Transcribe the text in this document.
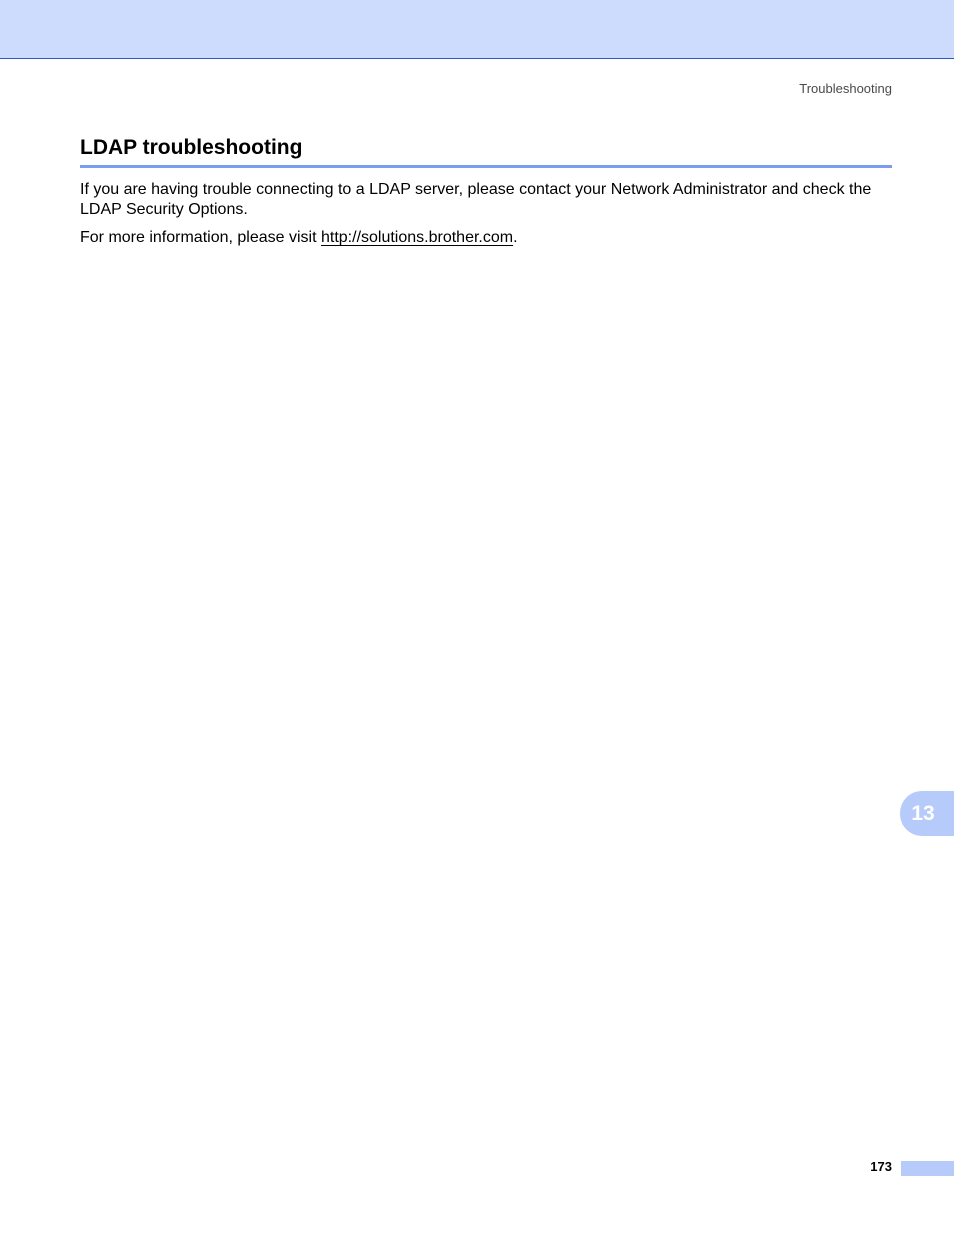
Troubleshooting
LDAP troubleshooting

If you are having trouble connecting to a LDAP server, please contact your Network Administrator and check the LDAP Security Options.

For more information, please visit http://solutions.brother.com.

13
173
